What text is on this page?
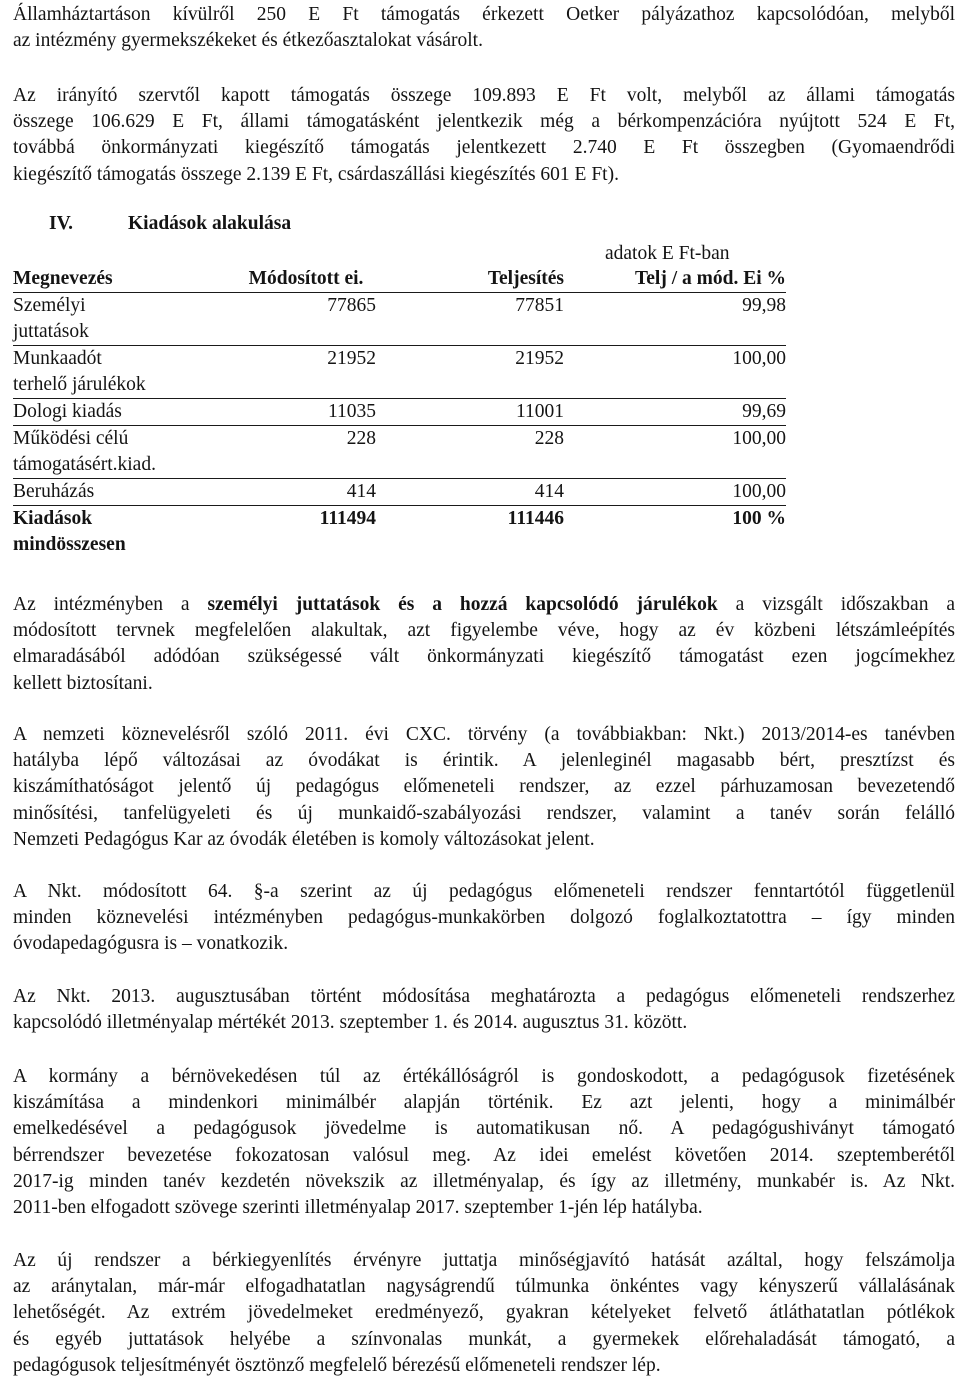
Államháztartáson kívülről 250 E Ft támogatás érkezett Oetker pályázathoz kapcsolódóan, melyből
az intézmény gyermekszékeket és étkezőasztalokat vásárolt.

Az irányító szervtől kapott támogatás összege 109.893 E Ft volt, melyből az állami támogatás
összege 106.629 E Ft, állami támogatásként jelentkezik még a bérkompenzációra nyújtott 524 E Ft,
továbbá önkormányzati kiegészítő támogatás jelentkezett 2.740 E Ft összegben (Gyomaendrődi
kiegészítő támogatás összege 2.139 E Ft, csárdaszállási kiegészítés 601 E Ft).

IV.	Kiadások alakulása

adatok E Ft-ban

Megnevezés	Módosított ei.	Teljesítés	Telj / a mód. Ei %
Személyi
juttatások	77865	77851	99,98
Munkaadót
terhelő járulékok	21952	21952	100,00
Dologi kiadás	11035	11001	99,69
Működési célú
támogatásért.kiad.	228	228	100,00
Beruházás	414	414	100,00
Kiadások
mindösszesen	111494	111446	100 %

Az intézményben a személyi juttatások és a hozzá kapcsolódó járulékok a vizsgált időszakban a
módosított tervnek megfelelően alakultak, azt figyelembe véve, hogy az év közbeni létszámleépítés
elmaradásából adódóan szükségessé vált önkormányzati kiegészítő támogatást ezen jogcímekhez
kellett biztosítani.

A nemzeti köznevelésről szóló 2011. évi CXC. törvény (a továbbiakban: Nkt.) 2013/2014-es tanévben
hatályba lépő változásai az óvodákat is érintik. A jelenleginél magasabb bért, presztízst és
kiszámíthatóságot jelentő új pedagógus előmeneteli rendszer, az ezzel párhuzamosan bevezetendő
minősítési, tanfelügyeleti és új munkaidő-szabályozási rendszer, valamint a tanév során felálló
Nemzeti Pedagógus Kar az óvodák életében is komoly változásokat jelent.

A Nkt. módosított 64. §-a szerint az új pedagógus előmeneteli rendszer fenntartótól függetlenül
minden köznevelési intézményben pedagógus-munkakörben dolgozó foglalkoztatottra – így minden
óvodapedagógusra is – vonatkozik.

Az Nkt. 2013. augusztusában történt módosítása meghatározta a pedagógus előmeneteli rendszerhez
kapcsolódó illetményalap mértékét 2013. szeptember 1. és 2014. augusztus 31. között.

A kormány a bérnövekedésen túl az értékállóságról is gondoskodott, a pedagógusok fizetésének
kiszámítása a mindenkori minimálbér alapján történik. Ez azt jelenti, hogy a minimálbér
emelkedésével a pedagógusok jövedelme is automatikusan nő. A pedagógushiványt támogató
bérrendszer bevezetése fokozatosan valósul meg. Az idei emelést követően 2014. szeptemberétől
2017-ig minden tanév kezdetén növekszik az illetményalap, és így az illetmény, munkabér is. Az Nkt.
2011-ben elfogadott szövege szerinti illetményalap 2017. szeptember 1-jén lép hatályba.

Az új rendszer a bérkiegyenlítés érvényre juttatja minőségjavító hatását azáltal, hogy felszámolja
az aránytalan, már-már elfogadhatatlan nagyságrendű túlmunka önkéntes vagy kényszerű vállalásának
lehetőségét. Az extrém jövedelmeket eredményező, gyakran kételyeket felvető átláthatatlan pótlékok
és egyéb juttatások helyébe a színvonalas munkát, a gyermekek előrehaladását támogató, a
pedagógusok teljesítményét ösztönző megfelelő bérezésű előmeneteli rendszer lép.
